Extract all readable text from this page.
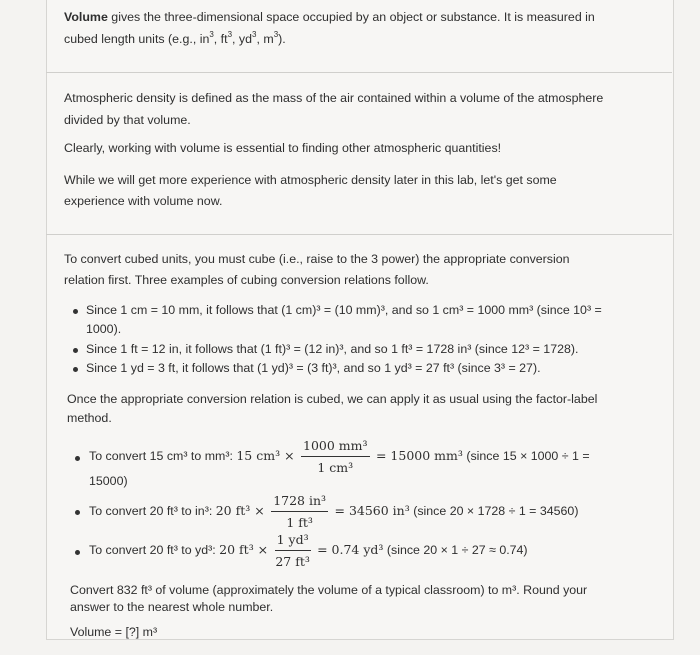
Volume gives the three-dimensional space occupied by an object or substance. It is measured in
cubed length units (e.g., $in^3$, $ft^3$, $yd^3$, $m^3$).
Atmospheric density is defined as the mass of the air contained within a volume of the atmosphere
divided by that volume.
Clearly, working with volume is essential to finding other atmospheric quantities!
While we will get more experience with atmospheric density later in this lab, let's get some
experience with volume now.
To convert cubed units, you must cube (i.e., raise to the 3 power) the appropriate conversion
relation first. Three examples of cubing conversion relations follow.
Since 1 cm = 10 mm, it follows that (1 cm)³ = (10 mm)³, and so 1 cm³ = 1000 mm³ (since 10³ =
1000).
Since 1 ft = 12 in, it follows that (1 ft)³ = (12 in)³, and so 1 ft³ = 1728 in³ (since 12³ = 1728).
Since 1 yd = 3 ft, it follows that (1 yd)³ = (3 ft)³, and so 1 yd³ = 27 ft³ (since 3³ = 27).
Once the appropriate conversion relation is cubed, we can apply it as usual using the factor-label
method.
To convert 15 cm³ to mm³: 15 $cm^3 \times \frac{\text{1000 mm³}}{\text{1 cm³}} = 15000$ mm³ (since 15 × 1000 ÷ 1 =
15000)
To convert 20 ft³ to in³: 20 $ft^3 \times \frac{\text{1728 in³}}{\text{1 ft³}} = 34560$ in³ (since 20 × 1728 ÷ 1 = 34560)
To convert 20 ft³ to yd³: 20 $ft^3 \times \frac{\text{1 yd³}}{\text{27 ft³}} = 0.74$ yd³ (since 20 × 1 ÷ 27 ≈ 0.74)
Convert 832 ft³ of volume (approximately the volume of a typical classroom) to m³. Round your
answer to the nearest whole number.
Volume = [?] m³
